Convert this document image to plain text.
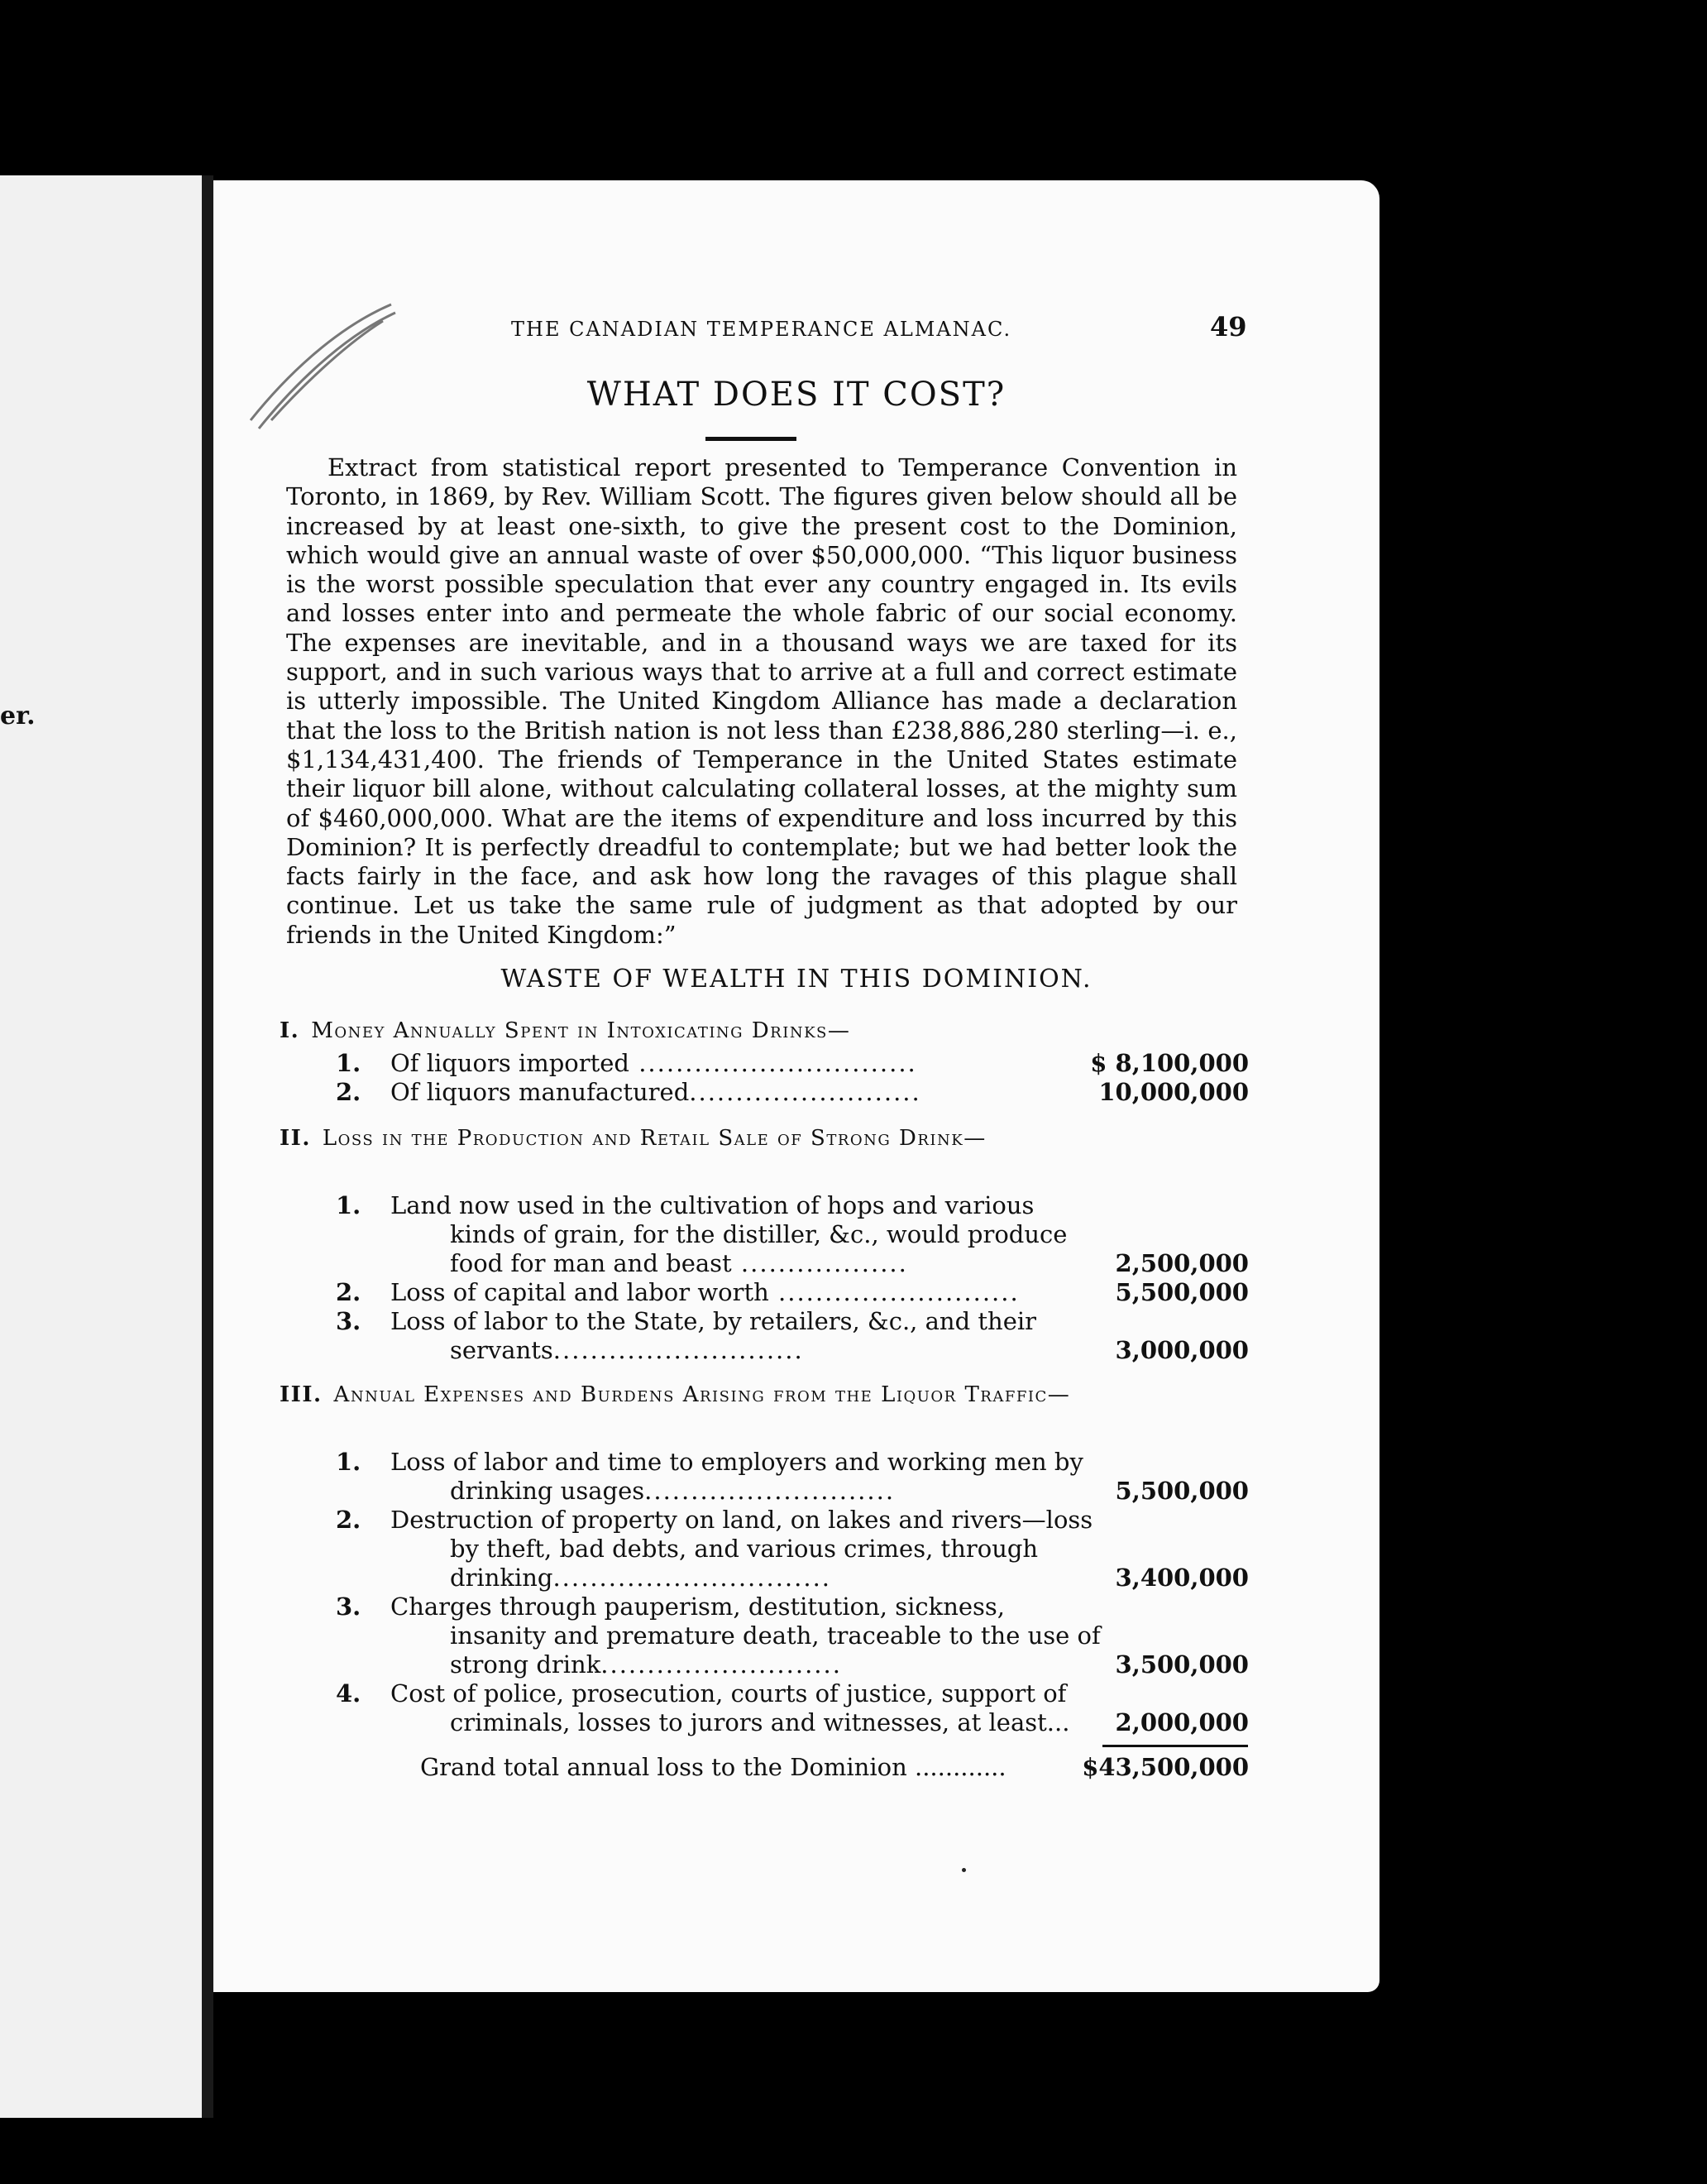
er.
THE CANADIAN TEMPERANCE ALMANAC.	49
WHAT DOES IT COST?

Extract from statistical report presented to Temperance Convention in Toronto, in 1869, by Rev. William Scott. The figures given below should all be increased by at least one-sixth, to give the present cost to the Dominion, which would give an annual waste of over $50,000,000. “This liquor business is the worst possible speculation that ever any country engaged in. Its evils and losses enter into and permeate the whole fabric of our social economy. The expenses are inevitable, and in a thousand ways we are taxed for its support, and in such various ways that to arrive at a full and correct estimate is utterly impossible. The United Kingdom Alliance has made a declaration that the loss to the British nation is not less than £238,886,280 sterling—i. e., $1,134,431,400. The friends of Temperance in the United States estimate their liquor bill alone, without calculating collateral losses, at the mighty sum of $460,000,000. What are the items of expenditure and loss incurred by this Dominion? It is perfectly dreadful to contemplate; but we had better look the facts fairly in the face, and ask how long the ravages of this plague shall continue. Let us take the same rule of judgment as that adopted by our friends in the United Kingdom:”

WASTE OF WEALTH IN THIS DOMINION.
I. Money Annually Spent in Intoxicating Drinks—
1. Of liquors imported ..............................	$ 8,100,000
2. Of liquors manufactured.........................	10,000,000
II. Loss in the Production and Retail Sale of Strong Drink—
1. Land now used in the cultivation of hops and various kinds of grain, for the distiller, &c., would produce food for man and beast ..................	2,500,000
2. Loss of capital and labor worth ..........................	5,500,000
3. Loss of labor to the State, by retailers, &c., and their servants...........................	3,000,000
III. Annual Expenses and Burdens Arising from the Liquor Traffic—
1. Loss of labor and time to employers and working men by drinking usages...........................	5,500,000
2. Destruction of property on land, on lakes and rivers—loss by theft, bad debts, and various crimes, through drinking..............................	3,400,000
3. Charges through pauperism, destitution, sickness, insanity and premature death, traceable to the use of strong drink..........................	3,500,000
4. Cost of police, prosecution, courts of justice, support of criminals, losses to jurors and witnesses, at least...	2,000,000
Grand total annual loss to the Dominion ............	$43,500,000
